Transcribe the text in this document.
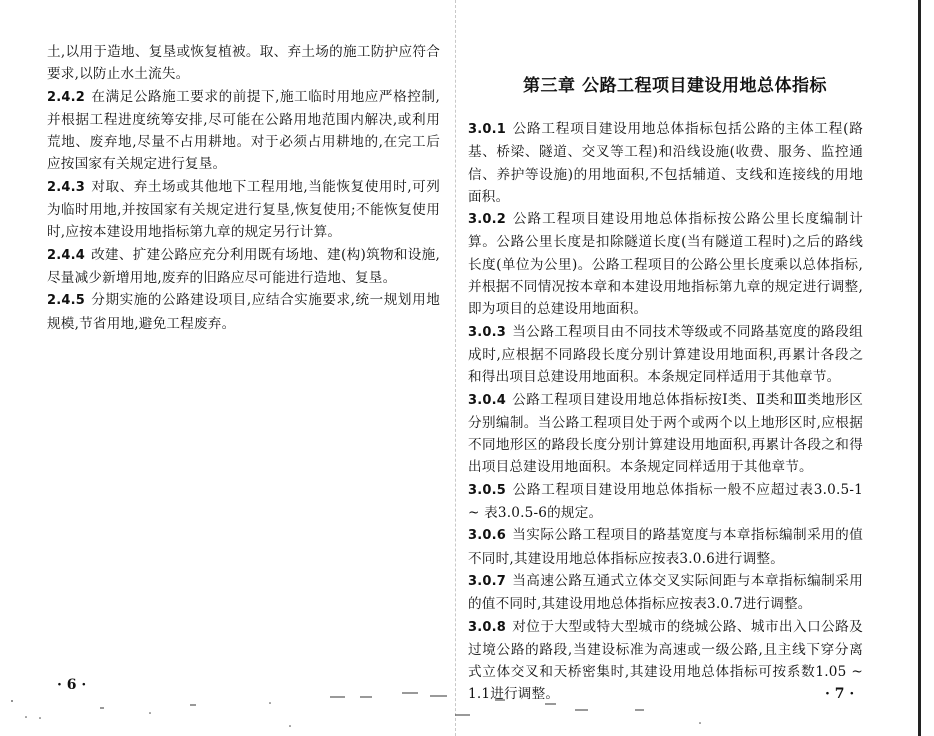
土,以用于造地、复垦或恢复植被。取、弃土场的施工防护应符合要求,以防止水土流失。

2.4.2 在满足公路施工要求的前提下,施工临时用地应严格控制,并根据工程进度统筹安排,尽可能在公路用地范围内解决,或利用荒地、废弃地,尽量不占用耕地。对于必须占用耕地的,在完工后应按国家有关规定进行复垦。

2.4.3 对取、弃土场或其他地下工程用地,当能恢复使用时,可列为临时用地,并按国家有关规定进行复垦,恢复使用;不能恢复使用时,应按本建设用地指标第九章的规定另行计算。

2.4.4 改建、扩建公路应充分利用既有场地、建(构)筑物和设施,尽量减少新增用地,废弃的旧路应尽可能进行造地、复垦。

2.4.5 分期实施的公路建设项目,应结合实施要求,统一规划用地规模,节省用地,避免工程废弃。

· 6 ·
第三章 公路工程项目建设用地总体指标

3.0.1 公路工程项目建设用地总体指标包括公路的主体工程(路基、桥梁、隧道、交叉等工程)和沿线设施(收费、服务、监控通信、养护等设施)的用地面积,不包括辅道、支线和连接线的用地面积。

3.0.2 公路工程项目建设用地总体指标按公路公里长度编制计算。公路公里长度是扣除隧道长度(当有隧道工程时)之后的路线长度(单位为公里)。公路工程项目的公路公里长度乘以总体指标,并根据不同情况按本章和本建设用地指标第九章的规定进行调整,即为项目的总建设用地面积。

3.0.3 当公路工程项目由不同技术等级或不同路基宽度的路段组成时,应根据不同路段长度分别计算建设用地面积,再累计各段之和得出项目总建设用地面积。本条规定同样适用于其他章节。

3.0.4 公路工程项目建设用地总体指标按Ⅰ类、Ⅱ类和Ⅲ类地形区分别编制。当公路工程项目处于两个或两个以上地形区时,应根据不同地形区的路段长度分别计算建设用地面积,再累计各段之和得出项目总建设用地面积。本条规定同样适用于其他章节。

3.0.5 公路工程项目建设用地总体指标一般不应超过表3.0.5-1 ~ 表3.0.5-6的规定。

3.0.6 当实际公路工程项目的路基宽度与本章指标编制采用的值不同时,其建设用地总体指标应按表3.0.6进行调整。

3.0.7 当高速公路互通式立体交叉实际间距与本章指标编制采用的值不同时,其建设用地总体指标应按表3.0.7进行调整。

3.0.8 对位于大型或特大型城市的绕城公路、城市出入口公路及过境公路的路段,当建设标准为高速或一级公路,且主线下穿分离式立体交叉和天桥密集时,其建设用地总体指标可按系数1.05 ~ 1.1进行调整。	· 7 ·
